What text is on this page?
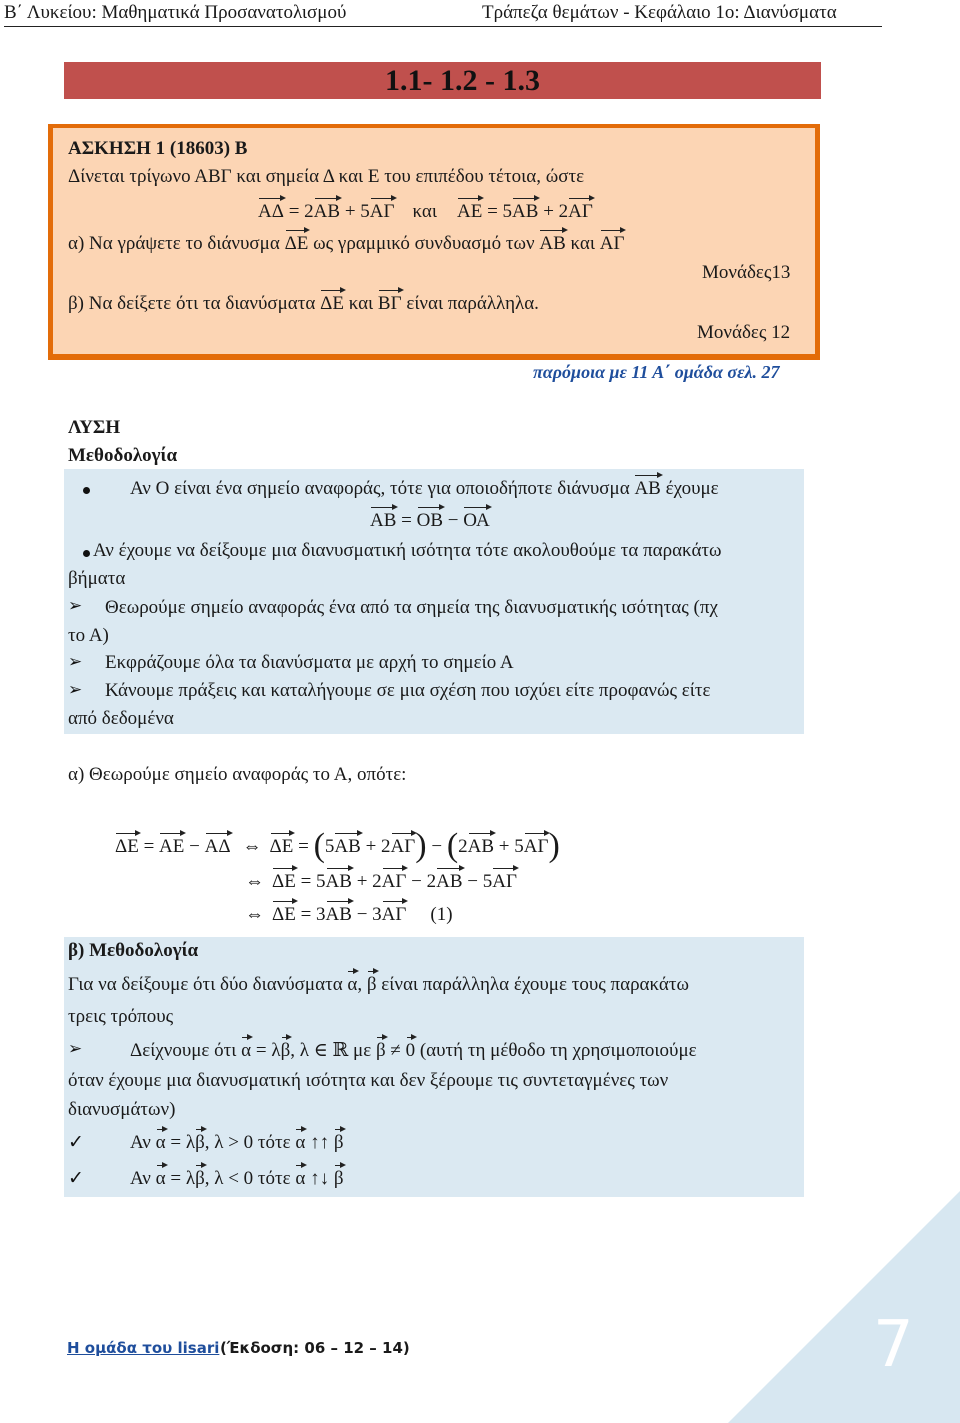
Β΄ Λυκείου: Μαθηματικά Προσανατολισμού	Τράπεζα θεμάτων - Κεφάλαιο 1ο: Διανύσματα
1.1- 1.2 - 1.3
ΑΣΚΗΣΗ 1 (18603) Β
Δίνεται τρίγωνο ΑΒΓ και σημεία Δ και Ε του επιπέδου τέτοια, ώστε
ΑΔ = 2ΑΒ + 5ΑΓ και ΑΕ = 5ΑΒ + 2ΑΓ
α) Να γράψετε το διάνυσμα ΔΕ ως γραμμικό συνδυασμό των ΑΒ και ΑΓ
Μονάδες13
β) Να δείξετε ότι τα διανύσματα ΔΕ και ΒΓ είναι παράλληλα.
Μονάδες 12
παρόμοια με 11 Α΄ ομάδα σελ. 27
ΛΥΣΗ
Μεθοδολογία
Αν Ο είναι ένα σημείο αναφοράς, τότε για οποιοδήποτε διάνυσμα ΑΒ έχουμε
ΑΒ = ΟΒ − ΟΑ
Αν έχουμε να δείξουμε μια διανυσματική ισότητα τότε ακολουθούμε τα παρακάτω
βήματα
➢ Θεωρούμε σημείο αναφοράς ένα από τα σημεία της διανυσματικής ισότητας (πχ
το Α)
➢ Εκφράζουμε όλα τα διανύσματα με αρχή το σημείο Α
➢ Κάνουμε πράξεις και καταλήγουμε σε μια σχέση που ισχύει είτε προφανώς είτε
από δεδομένα
α) Θεωρούμε σημείο αναφοράς το Α, οπότε:
ΔΕ = ΑΕ − ΑΔ ⇔ ΔΕ = (5ΑΒ + 2ΑΓ) − (2ΑΒ + 5ΑΓ)
⇔ ΔΕ = 5ΑΒ + 2ΑΓ − 2ΑΒ − 5ΑΓ
⇔ ΔΕ = 3ΑΒ − 3ΑΓ (1)
β) Μεθοδολογία
Για να δείξουμε ότι δύο διανύσματα α, β είναι παράλληλα έχουμε τους παρακάτω
τρεις τρόπους
➢	Δείχνουμε ότι α = λβ, λ ∈ ℝ με β ≠ 0 (αυτή τη μέθοδο τη χρησιμοποιούμε
όταν έχουμε μια διανυσματική ισότητα και δεν ξέρουμε τις συντεταγμένες των
διανυσμάτων)
✓ Αν α = λβ, λ > 0 τότε α ↑↑ β
✓ Αν α = λβ, λ < 0 τότε α ↑↓ β
Η ομάδα του lisari (Έκδοση: 06 – 12 – 14)	7
